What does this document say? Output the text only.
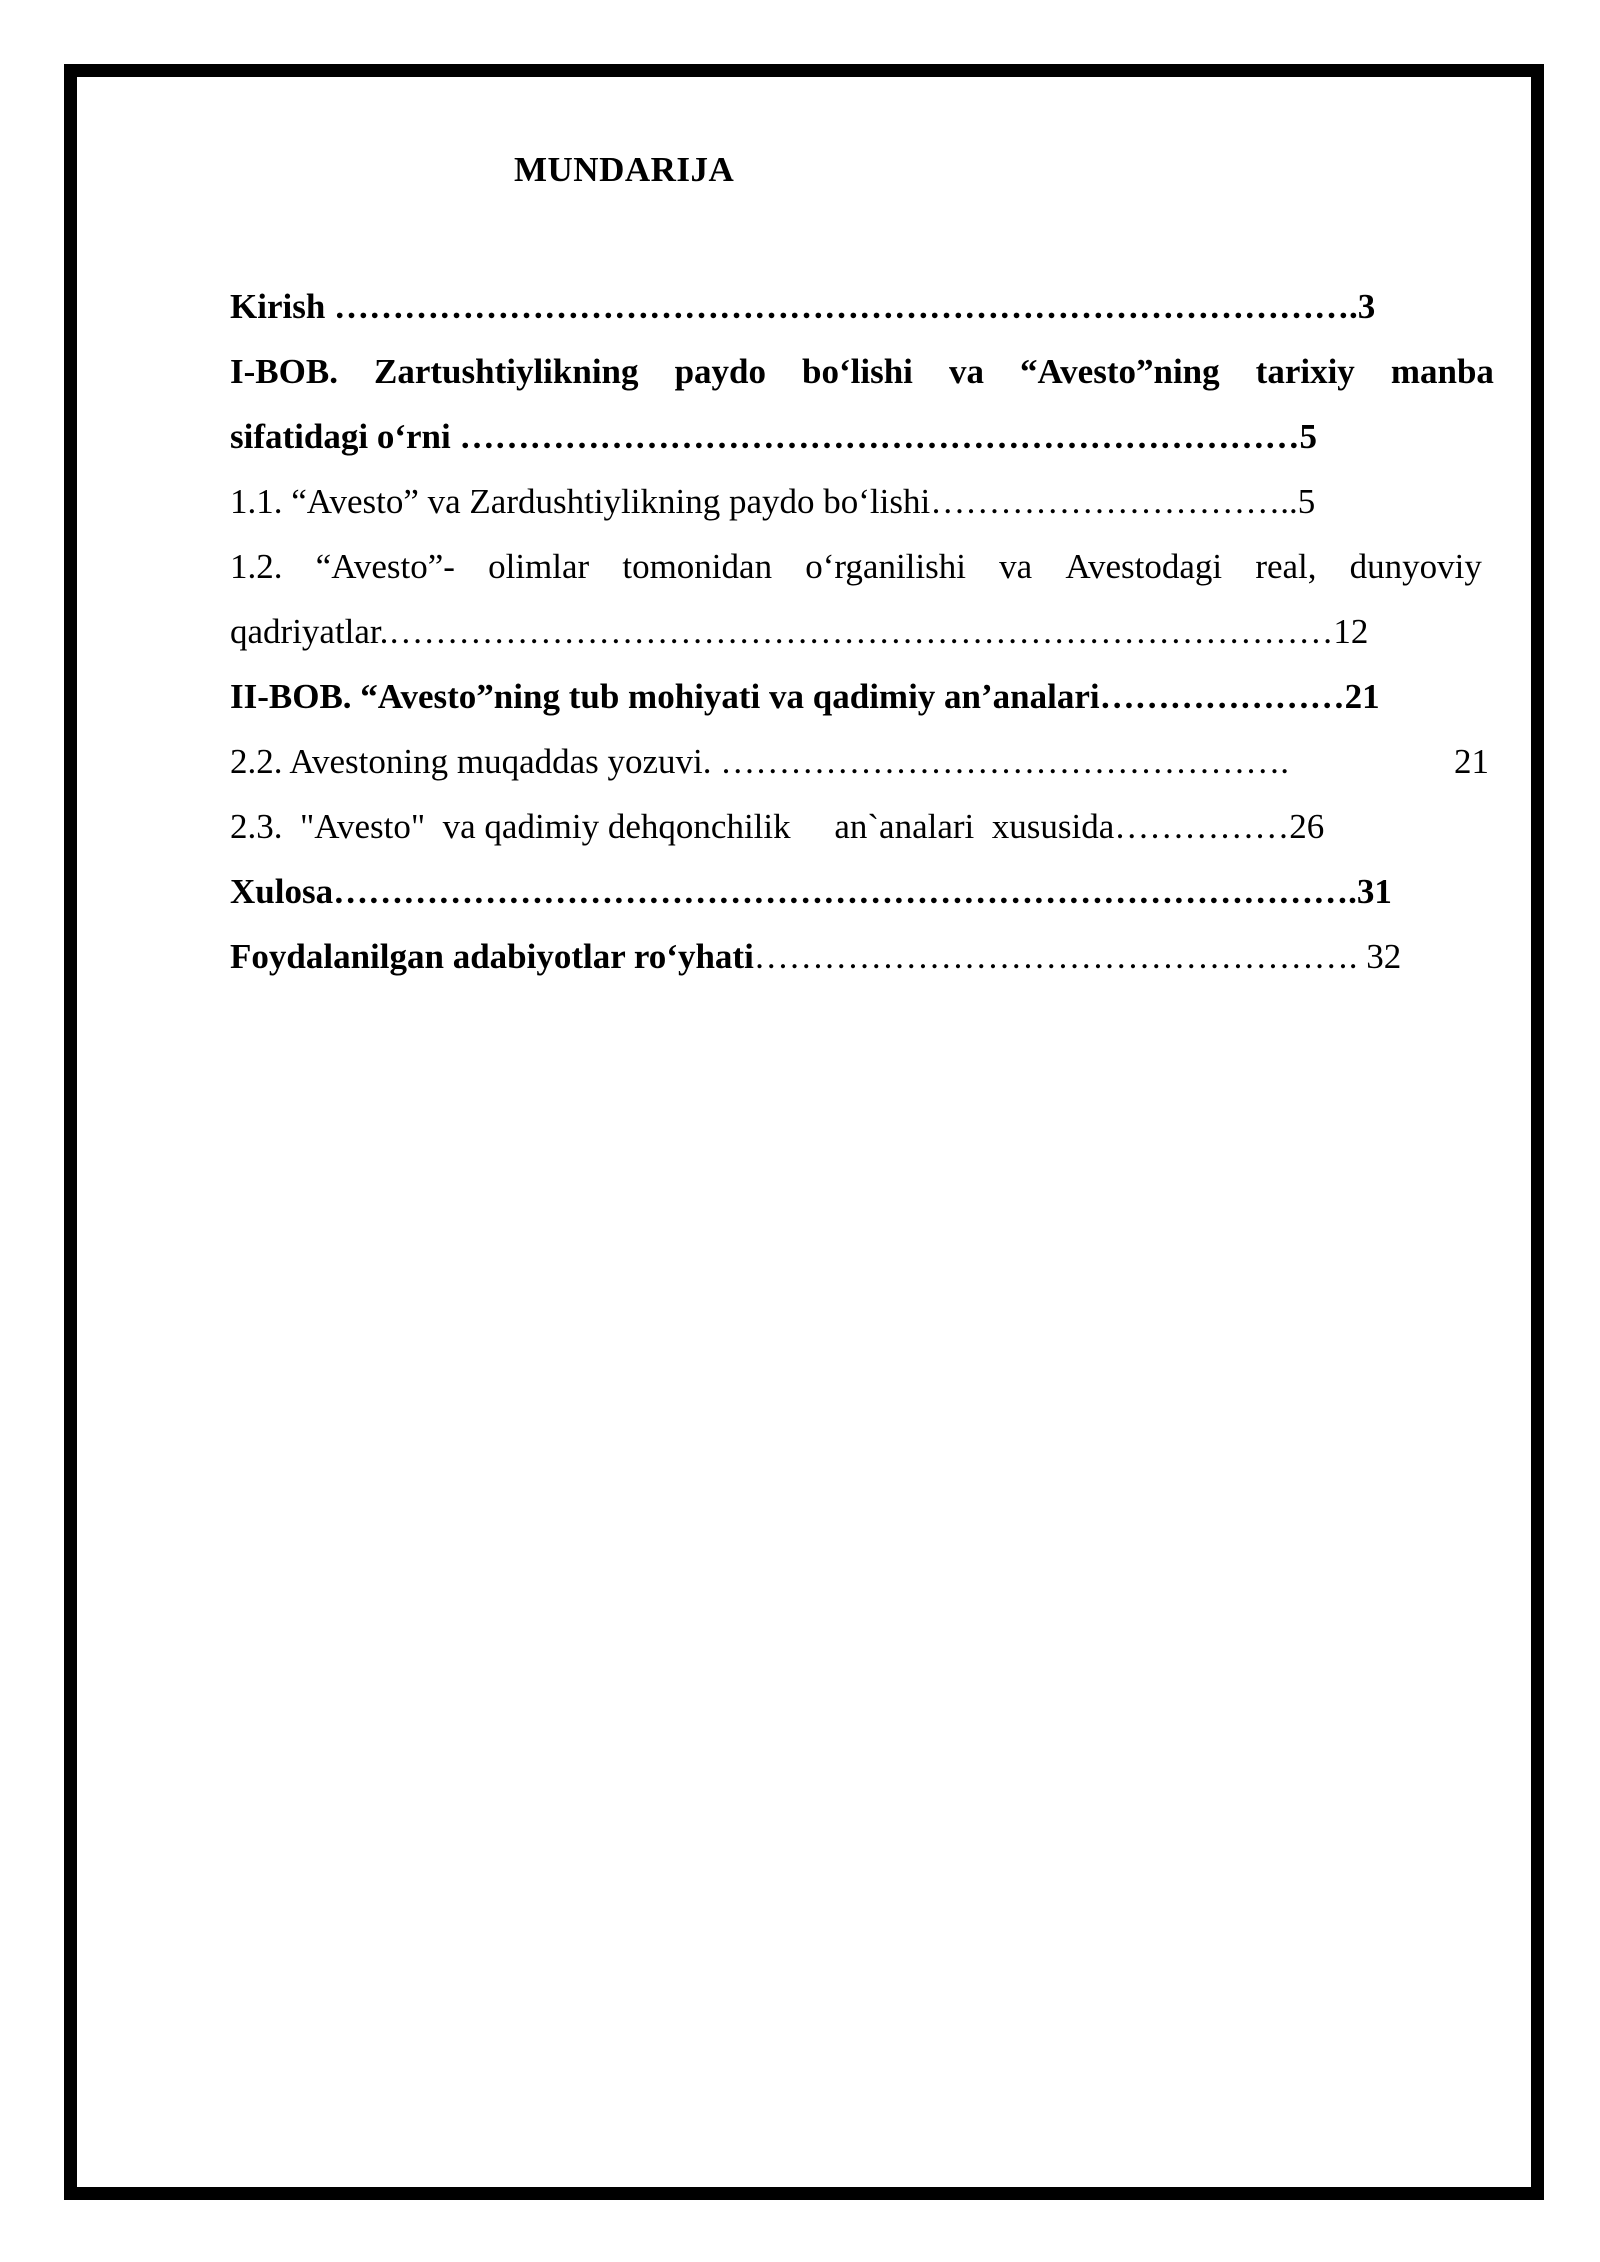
MUNDARIJA
Kirish …………………………………………………………………………….3
I-BOB. Zartushtiylikning paydo bo‘lishi va “Avesto”ning tarixiy manba
sifatidagi o‘rni ………………………………………………………………5
1.1. “Avesto” va Zardushtiylikning paydo bo‘lishi…………………………..5
1.2. “Avesto”- olimlar tomonidan o‘rganilishi va Avestodagi real, dunyoviy
qadriyatlar.………………………………………………………………………12
II-BOB. “Avesto”ning tub mohiyati va qadimiy an’analari…………………21
2.2. Avestoning muqaddas yozuvi. ………………………………………….	21
2.3.  "Avesto"  va qadimiy dehqonchilik     an`analari  xususida……………26
Xulosa…………………………………………………………………………….31
Foydalanilgan adabiyotlar ro‘yhati……………………………………………. 32
